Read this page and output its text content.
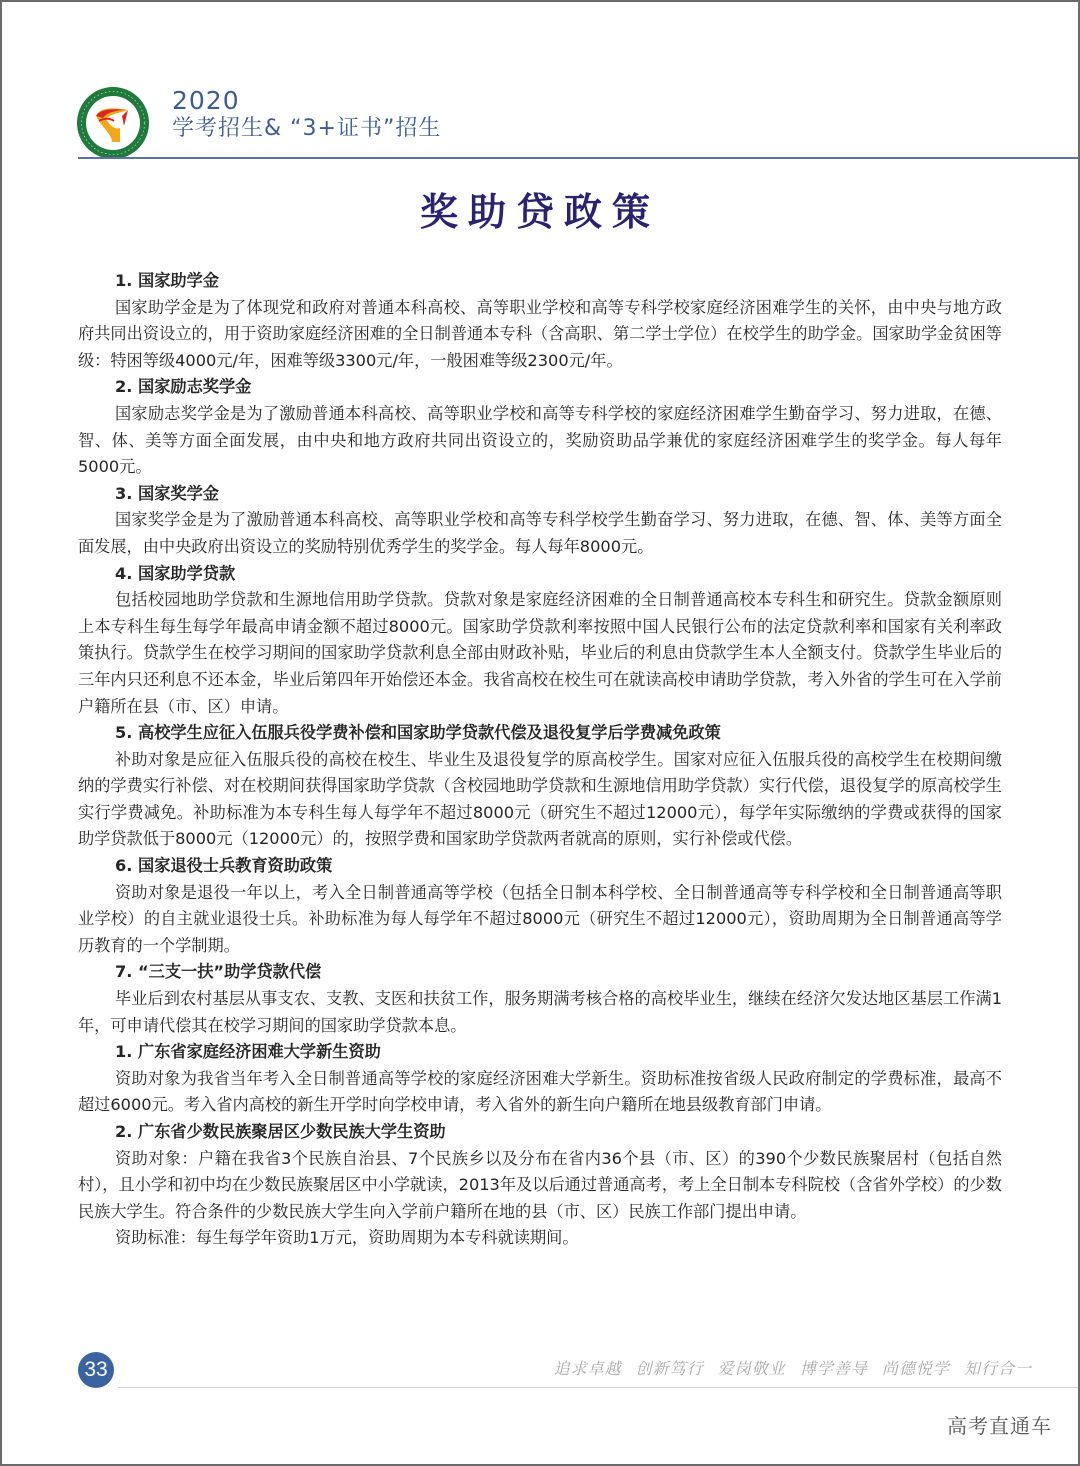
2020
学考招生& “3+证书”招生
奖助贷政策
1. 国家助学金
国家助学金是为了体现党和政府对普通本科高校、高等职业学校和高等专科学校家庭经济困难学生的关怀，由中央与地方政府共同出资设立的，用于资助家庭经济困难的全日制普通本专科（含高职、第二学士学位）在校学生的助学金。国家助学金贫困等级：特困等级4000元/年，困难等级3300元/年，一般困难等级2300元/年。
2. 国家励志奖学金
国家励志奖学金是为了激励普通本科高校、高等职业学校和高等专科学校的家庭经济困难学生勤奋学习、努力进取，在德、智、体、美等方面全面发展，由中央和地方政府共同出资设立的，奖励资助品学兼优的家庭经济困难学生的奖学金。每人每年5000元。
3. 国家奖学金
国家奖学金是为了激励普通本科高校、高等职业学校和高等专科学校学生勤奋学习、努力进取，在德、智、体、美等方面全面发展，由中央政府出资设立的奖励特别优秀学生的奖学金。每人每年8000元。
4. 国家助学贷款
包括校园地助学贷款和生源地信用助学贷款。贷款对象是家庭经济困难的全日制普通高校本专科生和研究生。贷款金额原则上本专科生每生每学年最高申请金额不超过8000元。国家助学贷款利率按照中国人民银行公布的法定贷款利率和国家有关利率政策执行。贷款学生在校学习期间的国家助学贷款利息全部由财政补贴，毕业后的利息由贷款学生本人全额支付。贷款学生毕业后的三年内只还利息不还本金，毕业后第四年开始偿还本金。我省高校在校生可在就读高校申请助学贷款，考入外省的学生可在入学前户籍所在县（市、区）申请。
5. 高校学生应征入伍服兵役学费补偿和国家助学贷款代偿及退役复学后学费减免政策
补助对象是应征入伍服兵役的高校在校生、毕业生及退役复学的原高校学生。国家对应征入伍服兵役的高校学生在校期间缴纳的学费实行补偿、对在校期间获得国家助学贷款（含校园地助学贷款和生源地信用助学贷款）实行代偿，退役复学的原高校学生实行学费减免。补助标准为本专科生每人每学年不超过8000元（研究生不超过12000元），每学年实际缴纳的学费或获得的国家助学贷款低于8000元（12000元）的，按照学费和国家助学贷款两者就高的原则，实行补偿或代偿。
6. 国家退役士兵教育资助政策
资助对象是退役一年以上，考入全日制普通高等学校（包括全日制本科学校、全日制普通高等专科学校和全日制普通高等职业学校）的自主就业退役士兵。补助标准为每人每学年不超过8000元（研究生不超过12000元），资助周期为全日制普通高等学历教育的一个学制期。
7. “三支一扶”助学贷款代偿
毕业后到农村基层从事支农、支教、支医和扶贫工作，服务期满考核合格的高校毕业生，继续在经济欠发达地区基层工作满1年，可申请代偿其在校学习期间的国家助学贷款本息。
1. 广东省家庭经济困难大学新生资助
资助对象为我省当年考入全日制普通高等学校的家庭经济困难大学新生。资助标准按省级人民政府制定的学费标准，最高不超过6000元。考入省内高校的新生开学时向学校申请，考入省外的新生向户籍所在地县级教育部门申请。
2. 广东省少数民族聚居区少数民族大学生资助
资助对象：户籍在我省3个民族自治县、7个民族乡以及分布在省内36个县（市、区）的390个少数民族聚居村（包括自然村），且小学和初中均在少数民族聚居区中小学就读，2013年及以后通过普通高考，考上全日制本专科院校（含省外学校）的少数民族大学生。符合条件的少数民族大学生向入学前户籍所在地的县（市、区）民族工作部门提出申请。
资助标准：每生每学年资助1万元，资助周期为本专科就读期间。
33	追求卓越 创新笃行 爱岗敬业 博学善导 尚德悦学 知行合一
高考直通车
